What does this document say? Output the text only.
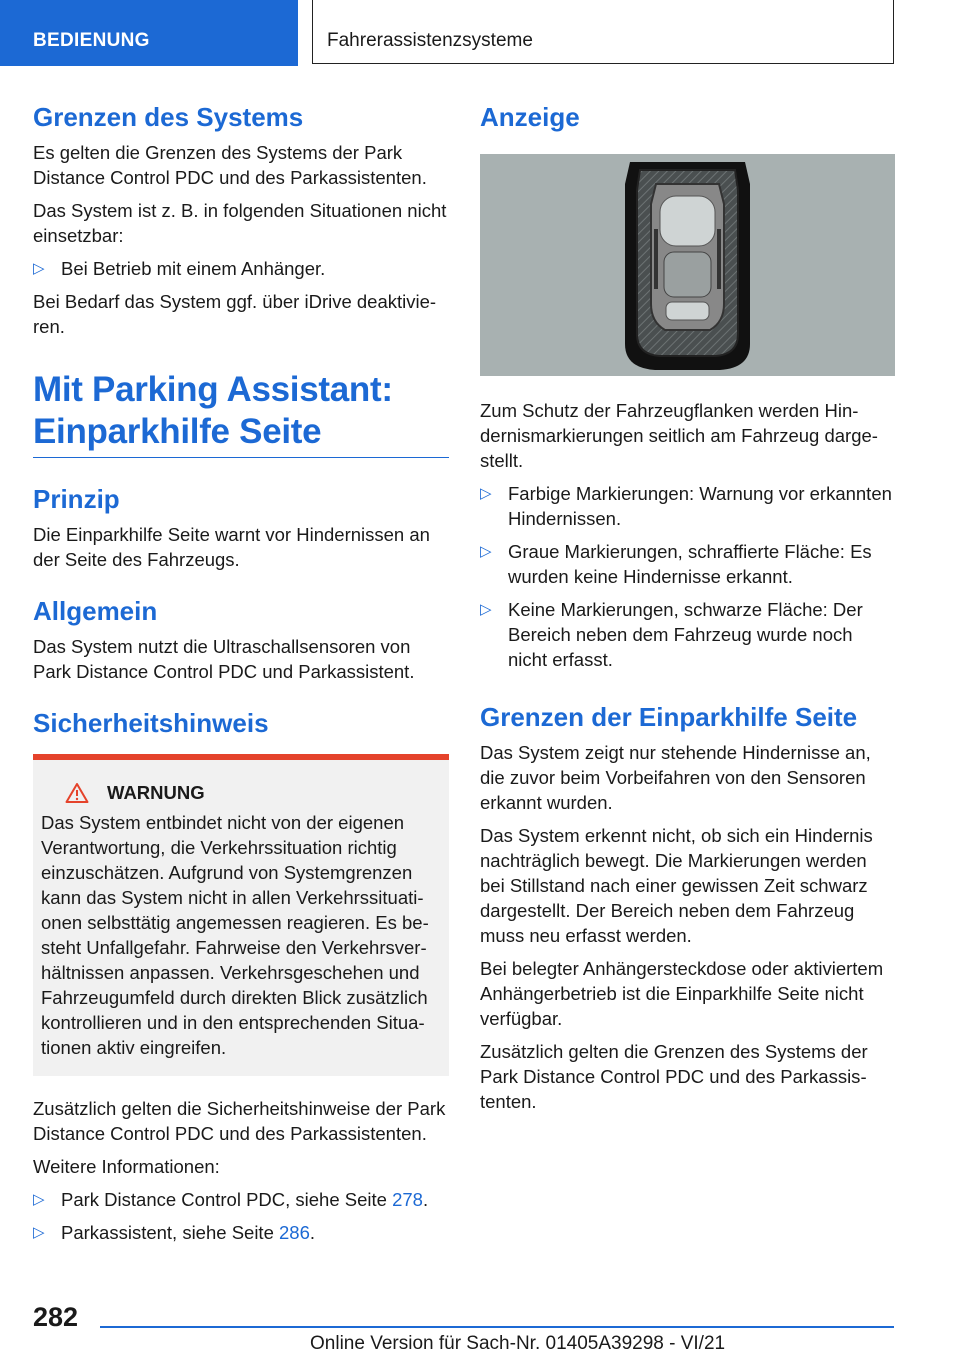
BEDIENUNG	Fahrerassistenzsysteme
Grenzen des Systems

Es gelten die Grenzen des Systems der Park Distance Control PDC und des Parkassistenten.

Das System ist z. B. in folgenden Situationen nicht einsetzbar:

▷ Bei Betrieb mit einem Anhänger.

Bei Bedarf das System ggf. über iDrive deaktivieren.

Mit Parking Assistant:
Einparkhilfe Seite
Prinzip

Die Einparkhilfe Seite warnt vor Hindernissen an der Seite des Fahrzeugs.

Allgemein

Das System nutzt die Ultraschallsensoren von Park Distance Control PDC und Parkassistent.

Sicherheitshinweis
WARNUNG

Das System entbindet nicht von der eigenen Verantwortung, die Verkehrssituation richtig einzuschätzen. Aufgrund von Systemgrenzen kann das System nicht in allen Verkehrssituationen selbsttätig angemessen reagieren. Es besteht Unfallgefahr. Fahrweise den Verkehrsverhältnissen anpassen. Verkehrsgeschehen und Fahrzeugumfeld durch direkten Blick zusätzlich kontrollieren und in den entsprechenden Situationen aktiv eingreifen.

Zusätzlich gelten die Sicherheitshinweise der Park Distance Control PDC und des Parkassistenten.

Weitere Informationen:

▷ Park Distance Control PDC, siehe Seite 278.
▷ Parkassistent, siehe Seite 286.
Anzeige

Zum Schutz der Fahrzeugflanken werden Hindernismarkierungen seitlich am Fahrzeug dargestellt.

▷ Farbige Markierungen: Warnung vor erkannten Hindernissen.
▷ Graue Markierungen, schraffierte Fläche: Es wurden keine Hindernisse erkannt.
▷ Keine Markierungen, schwarze Fläche: Der Bereich neben dem Fahrzeug wurde noch nicht erfasst.
Grenzen der Einparkhilfe Seite

Das System zeigt nur stehende Hindernisse an, die zuvor beim Vorbeifahren von den Sensoren erkannt wurden.

Das System erkennt nicht, ob sich ein Hindernis nachträglich bewegt. Die Markierungen werden bei Stillstand nach einer gewissen Zeit schwarz dargestellt. Der Bereich neben dem Fahrzeug muss neu erfasst werden.

Bei belegter Anhängersteckdose oder aktiviertem Anhängerbetrieb ist die Einparkhilfe Seite nicht verfügbar.

Zusätzlich gelten die Grenzen des Systems der Park Distance Control PDC und des Parkassistenten.

282
Online Version für Sach-Nr. 01405A39298 - VI/21
